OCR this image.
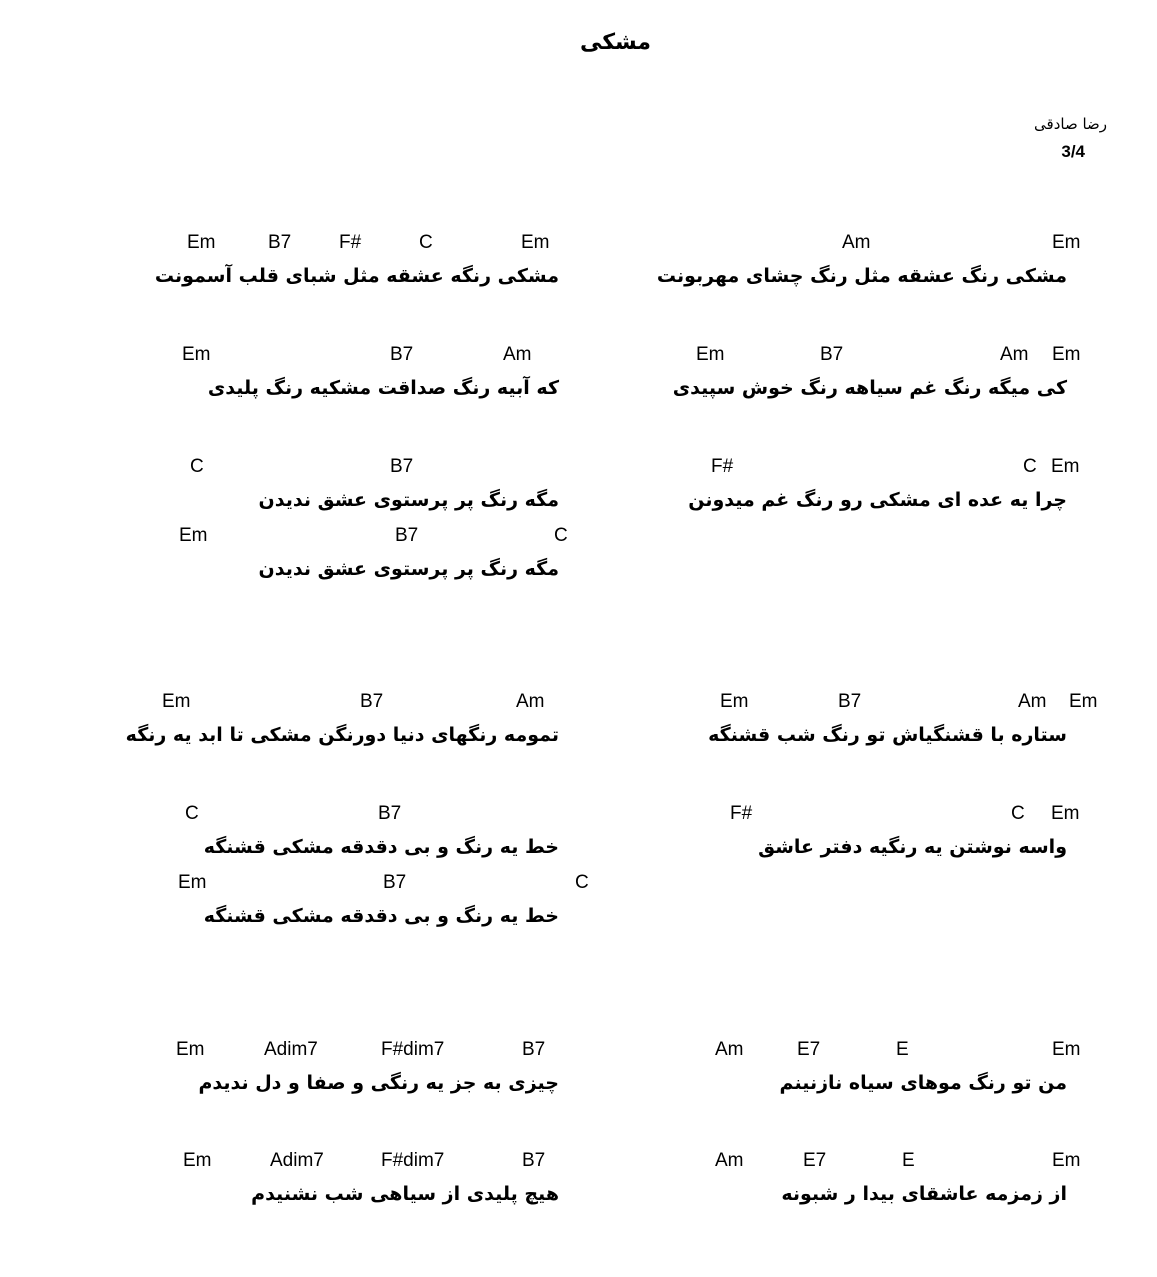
مشکی
رضا صادقی
3/4
مشکی رنگ عشقه مثل رنگ چشای مهربونت
Em
Am
مشکی رنگه عشقه مثل شبای قلب آسمونت
Em
C
F#
B7
Em
کی میگه رنگ غم سیاهه رنگ خوش سپیدی
Em
Am
B7
Em
که آبیه رنگ صداقت مشکیه رنگ پلیدی
Am
B7
Em
چرا یه عده ای مشکی رو رنگ غم میدونن
Em
C
F#
مگه رنگ پر پرستوی عشق ندیدن
B7
C
مگه رنگ پر پرستوی عشق ندیدن
C
B7
Em
ستاره با قشنگیاش تو رنگ شب قشنگه
Em
Am
B7
Em
تمومه رنگهای دنیا دورنگن مشکی تا ابد یه رنگه
Am
B7
Em
واسه نوشتن یه رنگیه دفتر عاشق
Em
C
F#
خط یه رنگ و بی دقدقه مشکی قشنگه
B7
C
خط یه رنگ و بی دقدقه مشکی قشنگه
C
B7
Em
من تو رنگ موهای سیاه نازنینم
Em
E
E7
Am
چیزی به جز یه رنگی و صفا و دل ندیدم
B7
F#dim7
Adim7
Em
از زمزمه عاشقای بیدا ر شبونه
Em
E
E7
Am
هیچ پلیدی از سیاهی شب نشنیدم
B7
F#dim7
Adim7
Em
